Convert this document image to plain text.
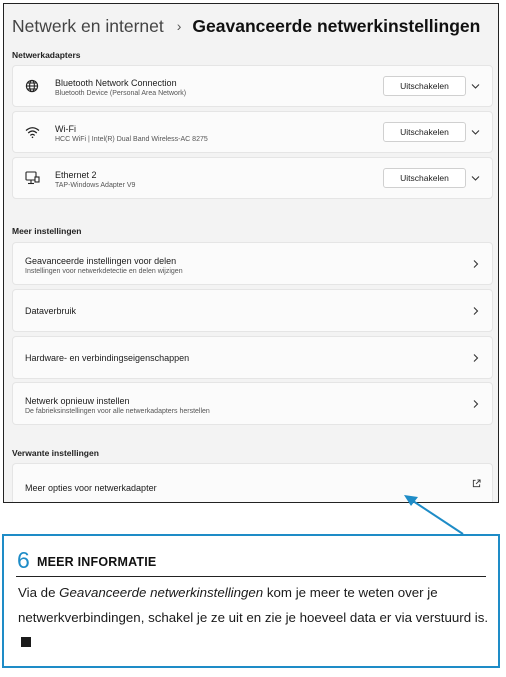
Netwerk en internet › Geavanceerde netwerkinstellingen
Netwerkadapters
Bluetooth Network Connection
Bluetooth Device (Personal Area Network)
Uitschakelen
Wi-Fi
HCC WiFi | Intel(R) Dual Band Wireless-AC 8275
Uitschakelen
Ethernet 2
TAP-Windows Adapter V9
Uitschakelen
Meer instellingen
Geavanceerde instellingen voor delen
Instellingen voor netwerkdetectie en delen wijzigen
Dataverbruik
Hardware- en verbindingseigenschappen
Netwerk opnieuw instellen
De fabrieksinstellingen voor alle netwerkadapters herstellen
Verwante instellingen
Meer opties voor netwerkadapter
6 MEER INFORMATIE
Via de Geavanceerde netwerkinstellingen kom je meer te weten over je netwerkverbindingen, schakel je ze uit en zie je hoeveel data er via verstuurd is.
